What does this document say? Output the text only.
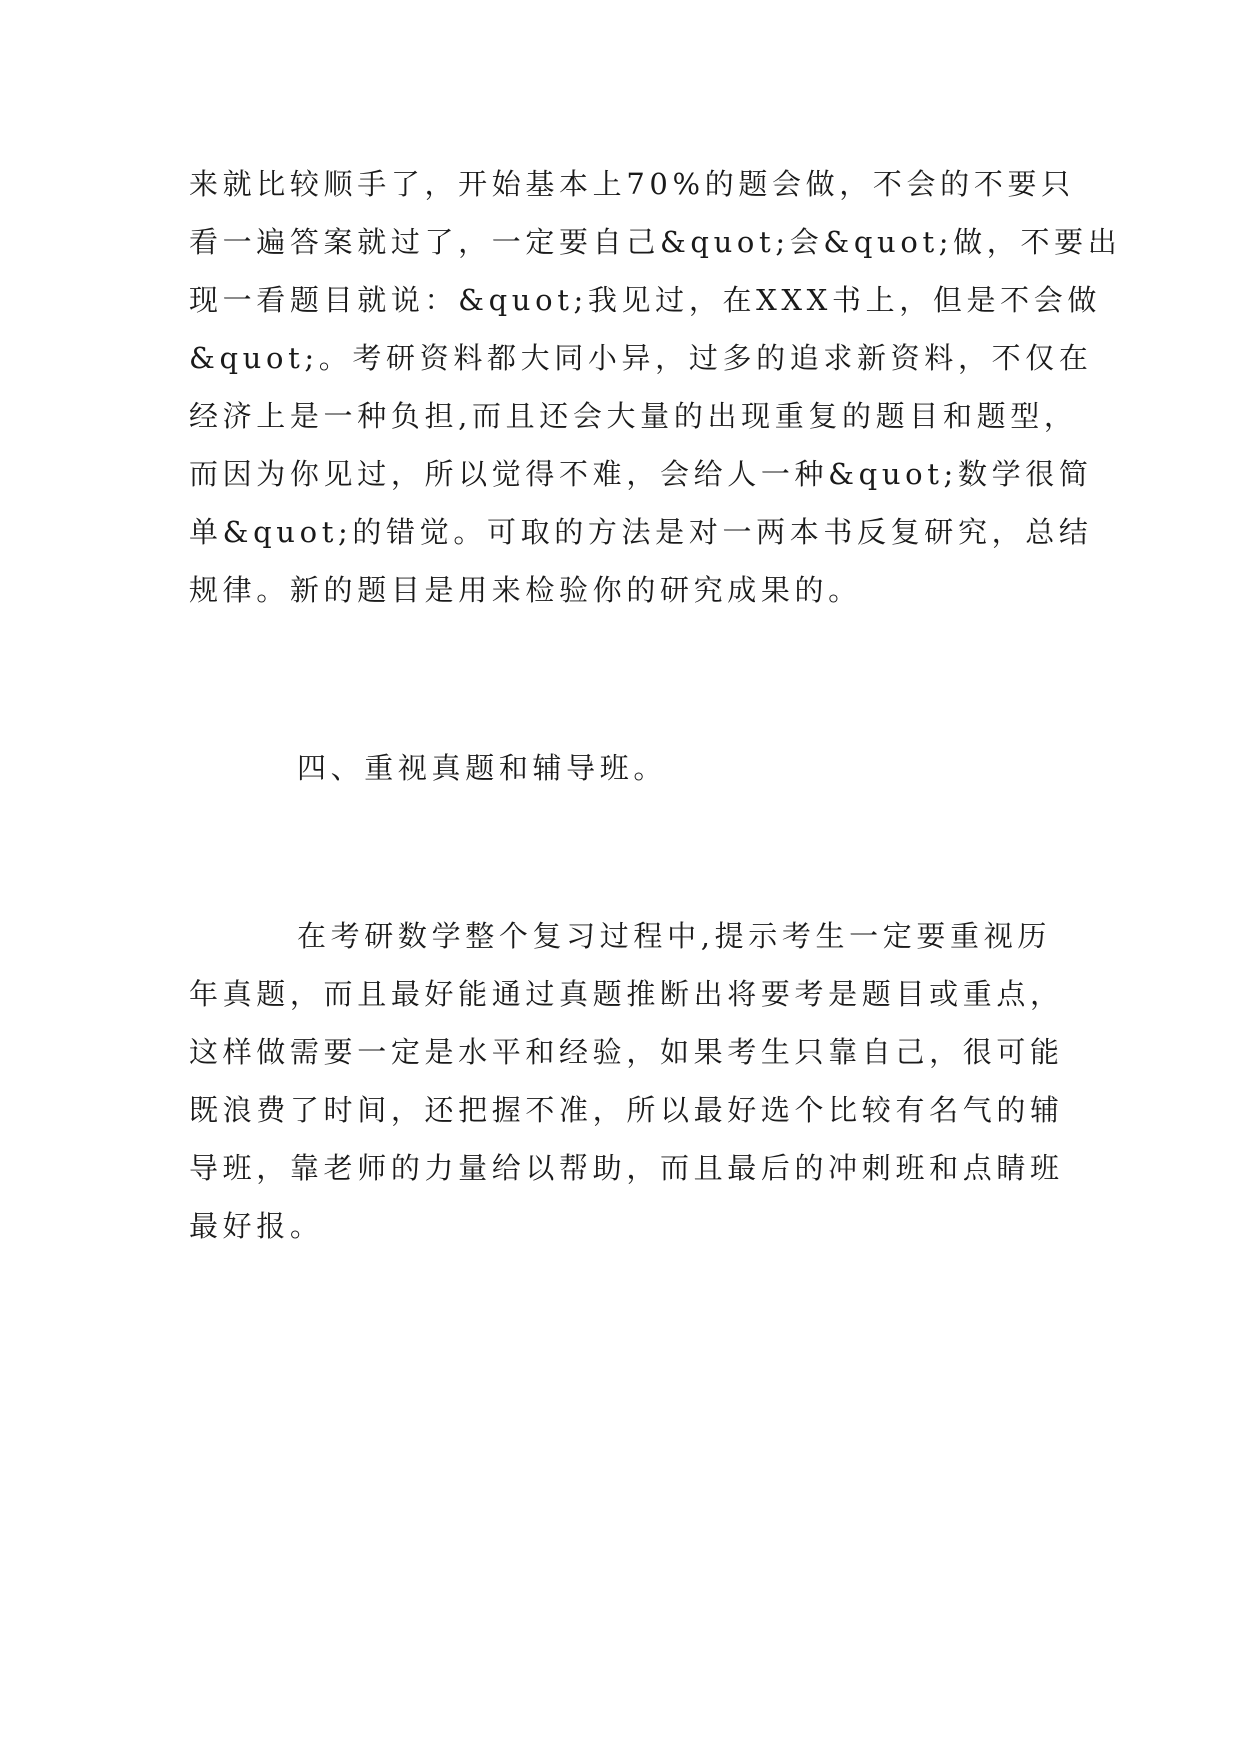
来就比较顺手了，开始基本上70%的题会做，不会的不要只

看一遍答案就过了，一定要自己&quot;会&quot;做，不要出

现一看题目就说：&quot;我见过，在XXX书上，但是不会做

&quot;。考研资料都大同小异，过多的追求新资料，不仅在

经济上是一种负担,而且还会大量的出现重复的题目和题型，

而因为你见过，所以觉得不难，会给人一种&quot;数学很简

单&quot;的错觉。可取的方法是对一两本书反复研究，总结

规律。新的题目是用来检验你的研究成果的。

四、重视真题和辅导班。

在考研数学整个复习过程中,提示考生一定要重视历

年真题，而且最好能通过真题推断出将要考是题目或重点，

这样做需要一定是水平和经验，如果考生只靠自己，很可能

既浪费了时间，还把握不准，所以最好选个比较有名气的辅

导班，靠老师的力量给以帮助，而且最后的冲刺班和点睛班

最好报。
